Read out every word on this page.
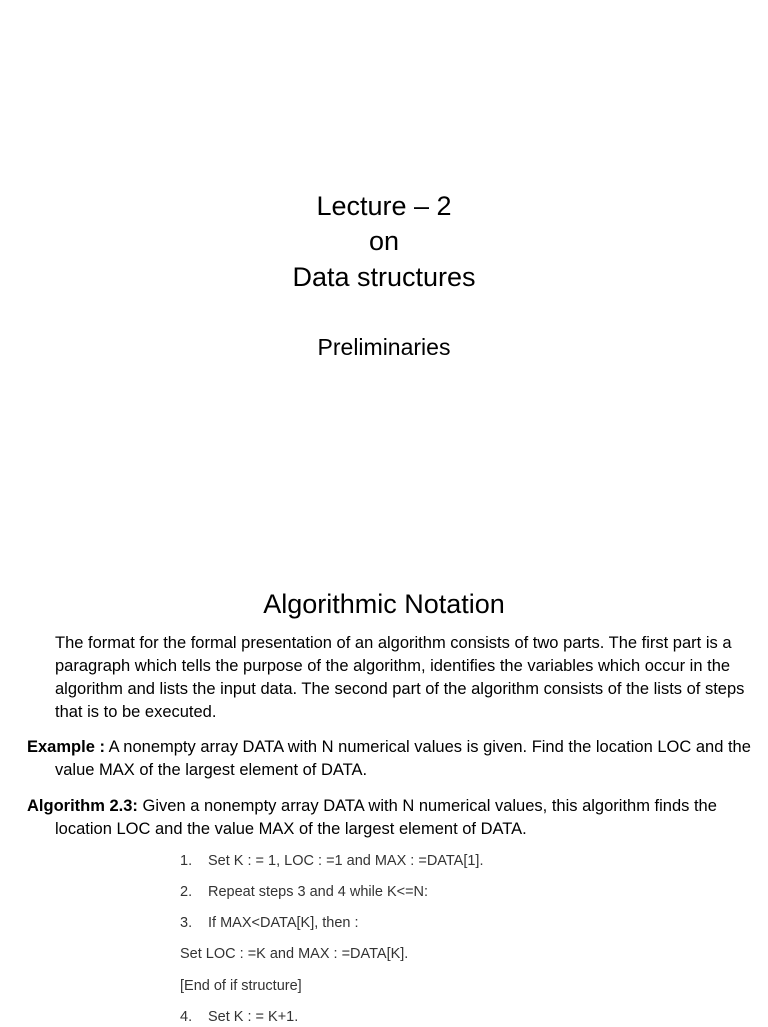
Lecture – 2
on
Data structures
Preliminaries
Algorithmic Notation
The format for the formal presentation of an algorithm consists of two parts. The first part is a paragraph which tells the purpose of the algorithm, identifies the variables which occur in the algorithm and lists the input data. The second part of the algorithm consists of the lists of steps that is to be executed.
Example : A nonempty array DATA with N numerical values is given. Find the location LOC and the value MAX of the largest element of DATA.
Algorithm 2.3: Given a nonempty array DATA with N numerical values, this algorithm finds the location LOC and the value MAX of the largest element of DATA.
1. Set K : = 1, LOC : =1 and MAX : =DATA[1].
2. Repeat steps 3 and 4 while K<=N:
3. If MAX<DATA[K], then :
Set LOC : =K and MAX : =DATA[K].
[End of if structure]
4. Set K : = K+1.
